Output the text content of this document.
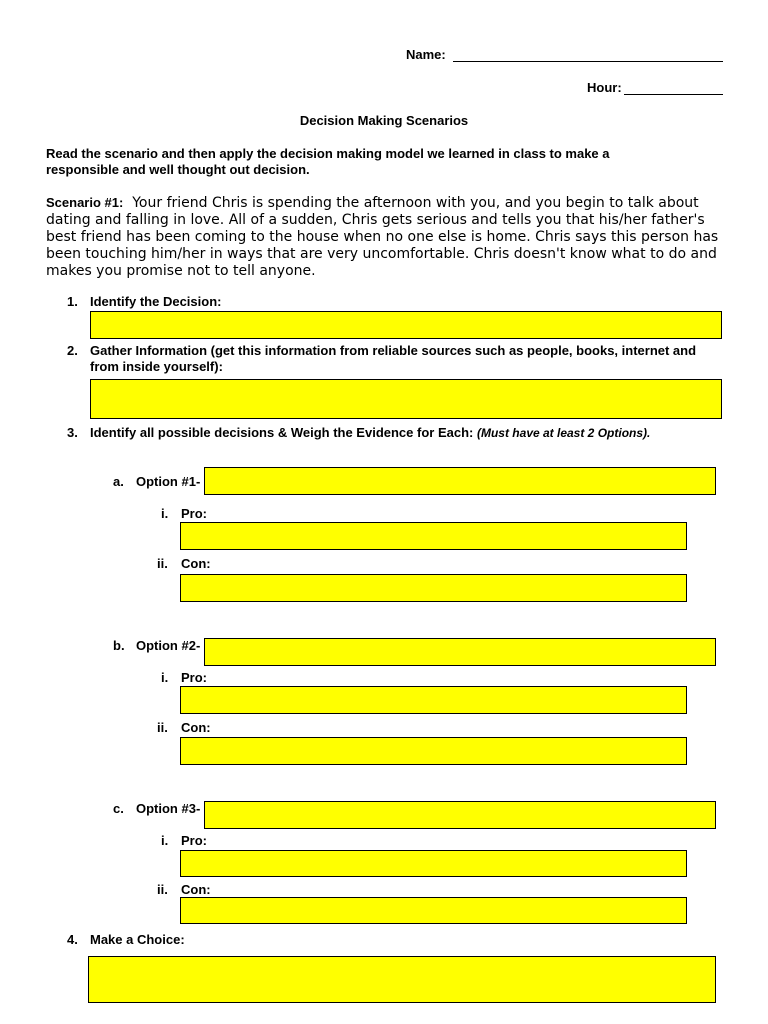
Name:
Hour:
Decision Making Scenarios
Read the scenario and then apply the decision making model we learned in class to make a responsible and well thought out decision.
Scenario #1: Your friend Chris is spending the afternoon with you, and you begin to talk about dating and falling in love. All of a sudden, Chris gets serious and tells you that his/her father's best friend has been coming to the house when no one else is home. Chris says this person has been touching him/her in ways that are very uncomfortable. Chris doesn't know what to do and makes you promise not to tell anyone.
1. Identify the Decision:
2. Gather Information (get this information from reliable sources such as people, books, internet and from inside yourself):
3. Identify all possible decisions & Weigh the Evidence for Each: (Must have at least 2 Options).
a. Option #1-
i. Pro:
ii. Con:
b. Option #2-
i. Pro:
ii. Con:
c. Option #3-
i. Pro:
ii. Con:
4. Make a Choice:
